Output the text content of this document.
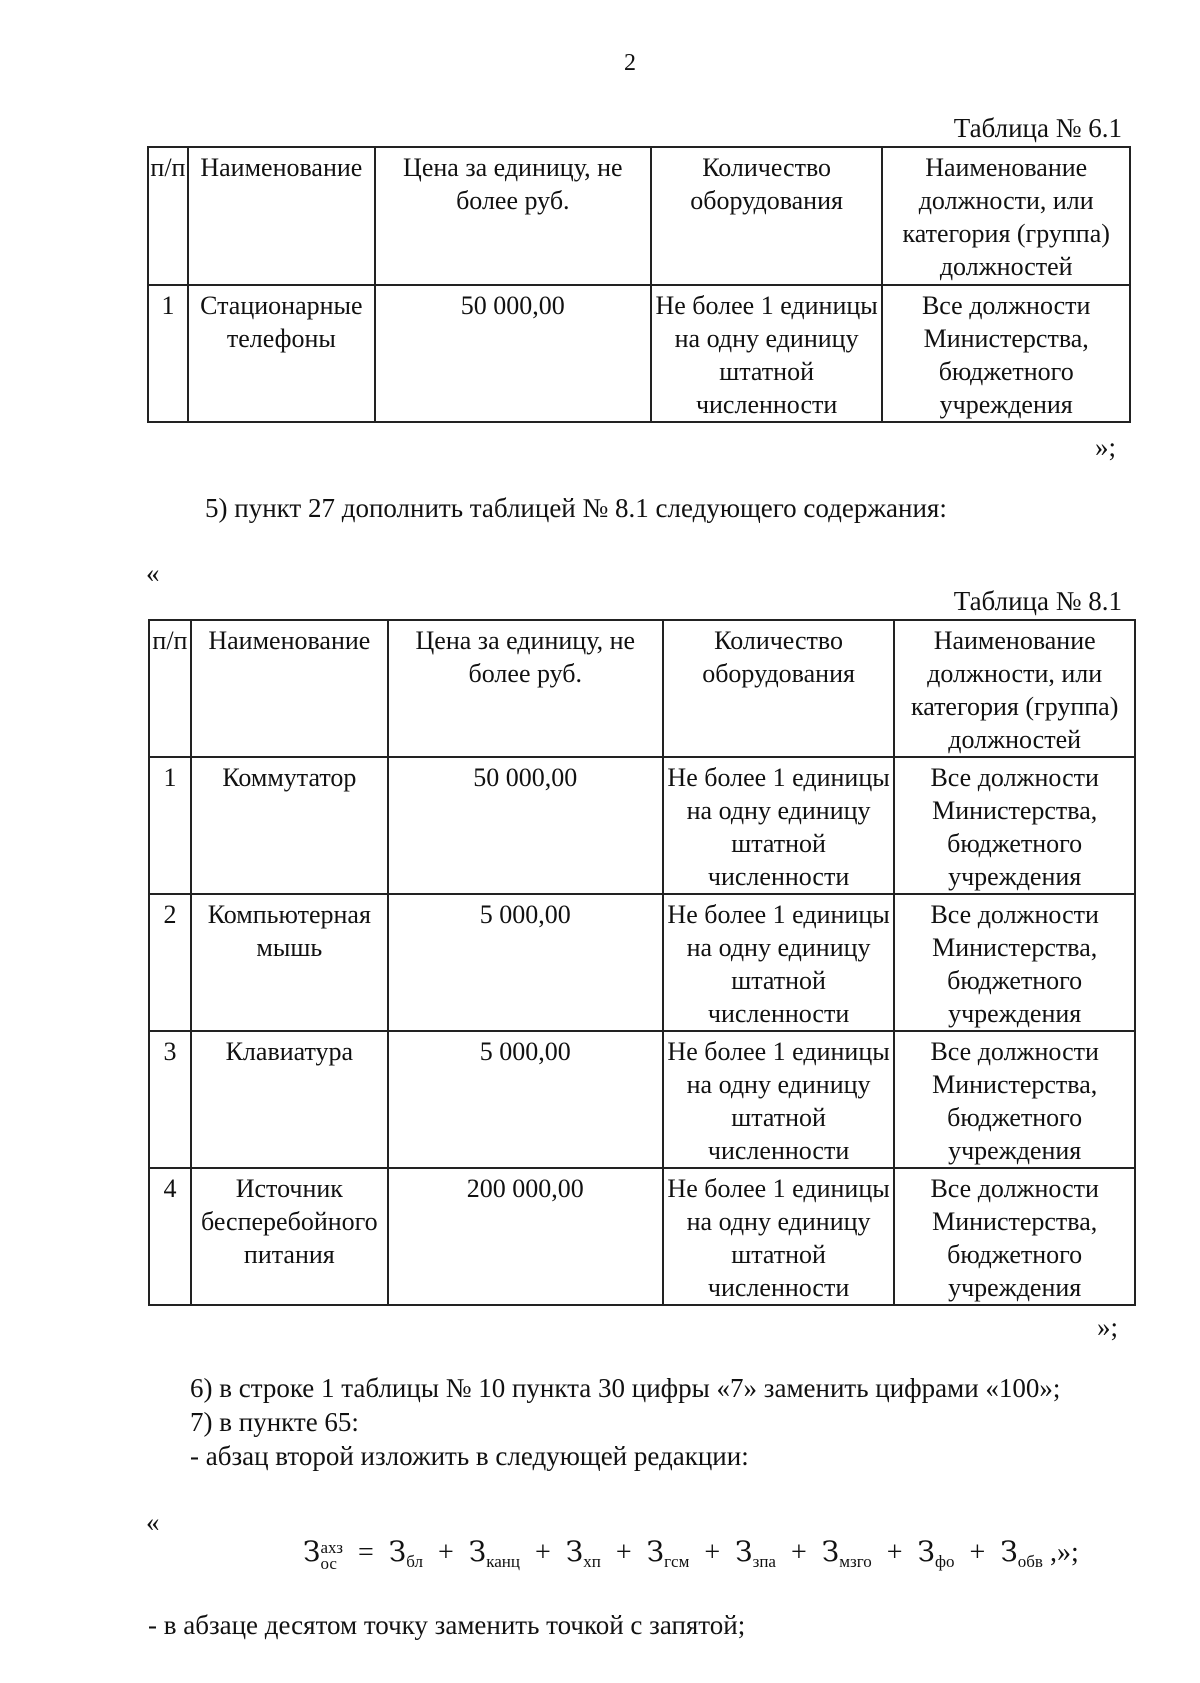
2
Таблица № 6.1
п/п	Наименование	Цена за единицу, не более руб.	Количество оборудования	Наименование должности, или категория (группа) должностей
1	Стационарные телефоны	50 000,00	Не более 1 единицы на одну единицу штатной численности	Все должности Министерства, бюджетного учреждения
»;
5) пункт 27 дополнить таблицей № 8.1 следующего содержания:
«
Таблица № 8.1
п/п	Наименование	Цена за единицу, не более руб.	Количество оборудования	Наименование должности, или категория (группа) должностей
1	Коммутатор	50 000,00	Не более 1 единицы на одну единицу штатной численности	Все должности Министерства, бюджетного учреждения
2	Компьютерная мышь	5 000,00	Не более 1 единицы на одну единицу штатной численности	Все должности Министерства, бюджетного учреждения
3	Клавиатура	5 000,00	Не более 1 единицы на одну единицу штатной численности	Все должности Министерства, бюджетного учреждения
4	Источник бесперебойного питания	200 000,00	Не более 1 единицы на одну единицу штатной численности	Все должности Министерства, бюджетного учреждения
»;
6) в строке 1 таблицы № 10 пункта 30 цифры «7» заменить цифрами «100»;
7) в пункте 65:
- абзац второй изложить в следующей редакции:
«
Захз
ос = $З_{бл} + З_{канц} + З_{хп} + З_{гсм} + З_{зпа} + З_{мзго} + З_{фо} + З_{обв}$ ,»;
- в абзаце десятом точку заменить точкой с запятой;
